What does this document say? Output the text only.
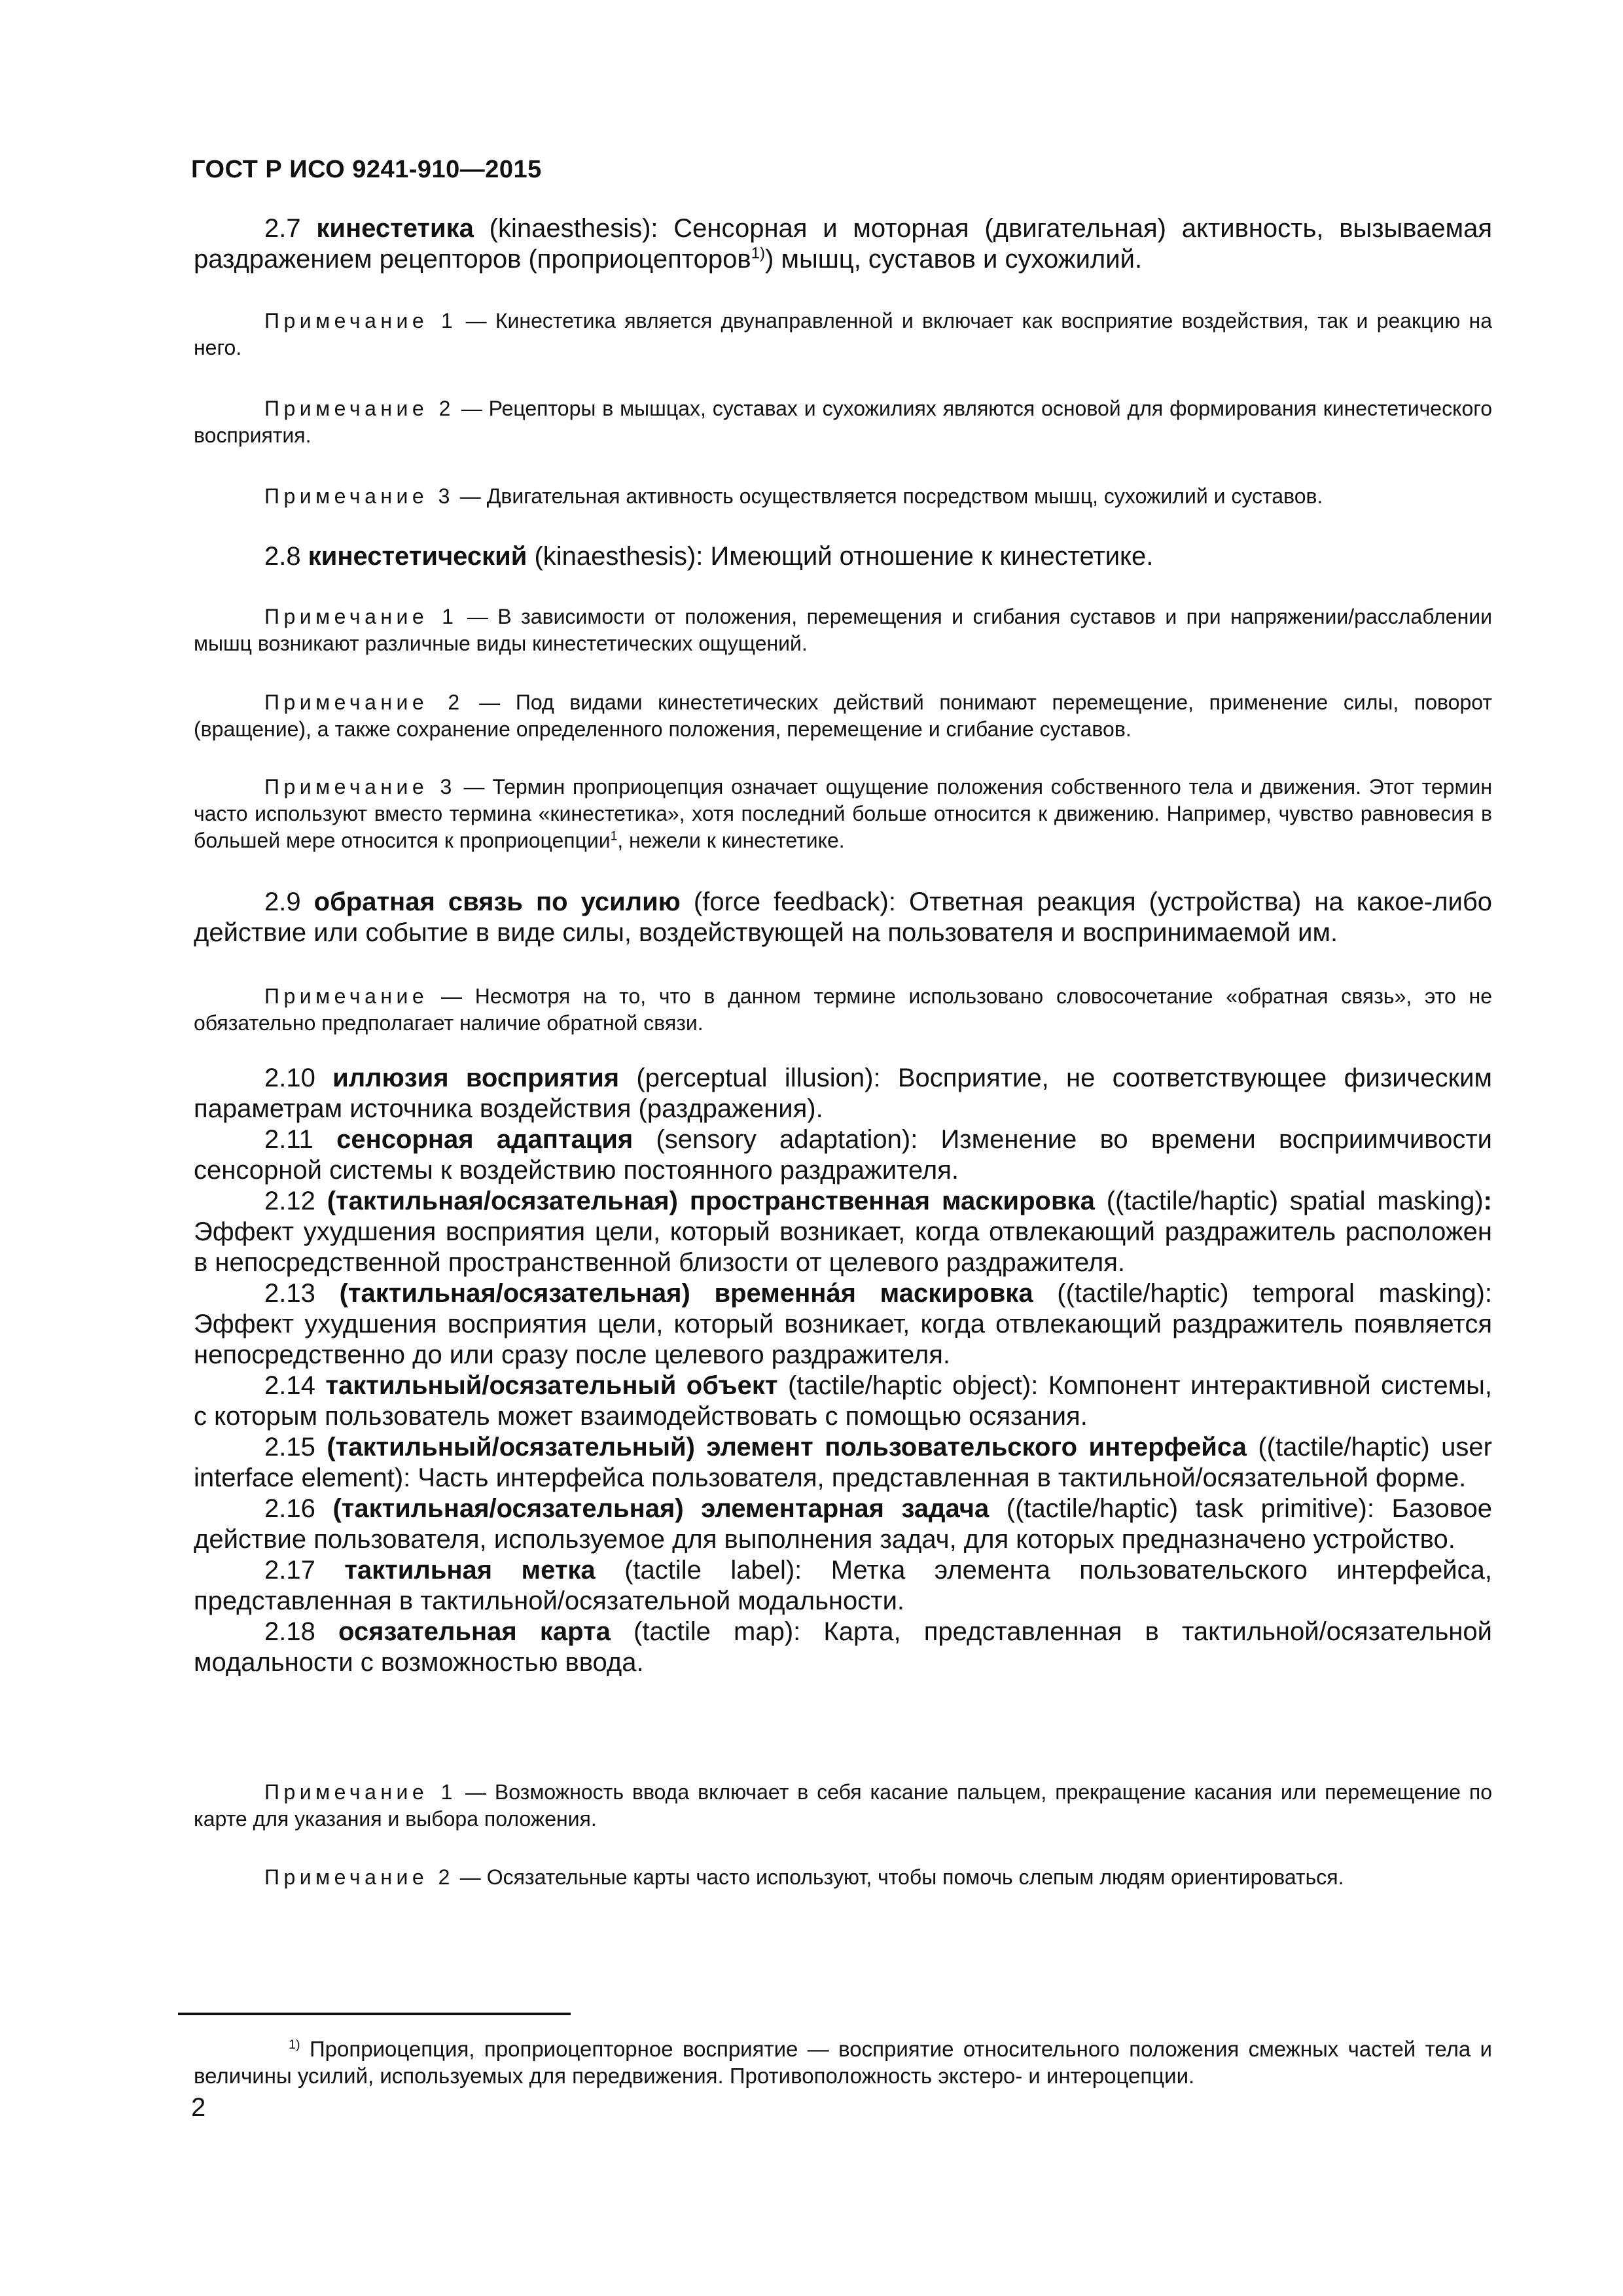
ГОСТ Р ИСО 9241-910—2015
2.7 кинестетика (kinaesthesis): Сенсорная и моторная (двигательная) активность, вызываемая раздражением рецепторов (проприоцепторов$^{1)}$) мышц, суставов и сухожилий.
Примечание 1 — Кинестетика является двунаправленной и включает как восприятие воздействия, так и реакцию на него.
Примечание 2 — Рецепторы в мышцах, суставах и сухожилиях являются основой для формирования кинестетического восприятия.
Примечание 3 — Двигательная активность осуществляется посредством мышц, сухожилий и суставов.
2.8 кинестетический (kinaesthesis): Имеющий отношение к кинестетике.
Примечание 1 — В зависимости от положения, перемещения и сгибания суставов и при напряжении/расслаблении мышц возникают различные виды кинестетических ощущений.
Примечание 2 — Под видами кинестетических действий понимают перемещение, применение силы, поворот (вращение), а также сохранение определенного положения, перемещение и сгибание суставов.
Примечание 3 — Термин проприоцепция означает ощущение положения собственного тела и движения. Этот термин часто используют вместо термина «кинестетика», хотя последний больше относится к движению. Например, чувство равновесия в большей мере относится к проприоцепции$^1$, нежели к кинестетике.
2.9 обратная связь по усилию (force feedback): Ответная реакция (устройства) на какое-либо действие или событие в виде силы, воздействующей на пользователя и воспринимаемой им.
Примечание — Несмотря на то, что в данном термине использовано словосочетание «обратная связь», это не обязательно предполагает наличие обратной связи.
2.10 иллюзия восприятия (perceptual illusion): Восприятие, не соответствующее физическим параметрам источника воздействия (раздражения).
2.11 сенсорная адаптация (sensory adaptation): Изменение во времени восприимчивости сенсорной системы к воздействию постоянного раздражителя.
2.12 (тактильная/осязательная) пространственная маскировка ((tactile/haptic) spatial masking): Эффект ухудшения восприятия цели, который возникает, когда отвлекающий раздражитель расположен в непосредственной пространственной близости от целевого раздражителя.
2.13 (тактильная/осязательная) временна́я маскировка ((tactile/haptic) temporal masking): Эффект ухудшения восприятия цели, который возникает, когда отвлекающий раздражитель появляется непосредственно до или сразу после целевого раздражителя.
2.14 тактильный/осязательный объект (tactile/haptic object): Компонент интерактивной системы, с которым пользователь может взаимодействовать с помощью осязания.
2.15 (тактильный/осязательный) элемент пользовательского интерфейса ((tactile/haptic) user interface element): Часть интерфейса пользователя, представленная в тактильной/осязательной форме.
2.16 (тактильная/осязательная) элементарная задача ((tactile/haptic) task primitive): Базовое действие пользователя, используемое для выполнения задач, для которых предназначено устройство.
2.17 тактильная метка (tactile label): Метка элемента пользовательского интерфейса, представленная в тактильной/осязательной модальности.
2.18 осязательная карта (tactile map): Карта, представленная в тактильной/осязательной модальности с возможностью ввода.
Примечание 1 — Возможность ввода включает в себя касание пальцем, прекращение касания или перемещение по карте для указания и выбора положения.
Примечание 2 — Осязательные карты часто используют, чтобы помочь слепым людям ориентироваться.
$^{1)}$ Проприоцепция, проприоцепторное восприятие — восприятие относительного положения смежных частей тела и величины усилий, используемых для передвижения. Противоположность экстеро- и интероцепции.
2
